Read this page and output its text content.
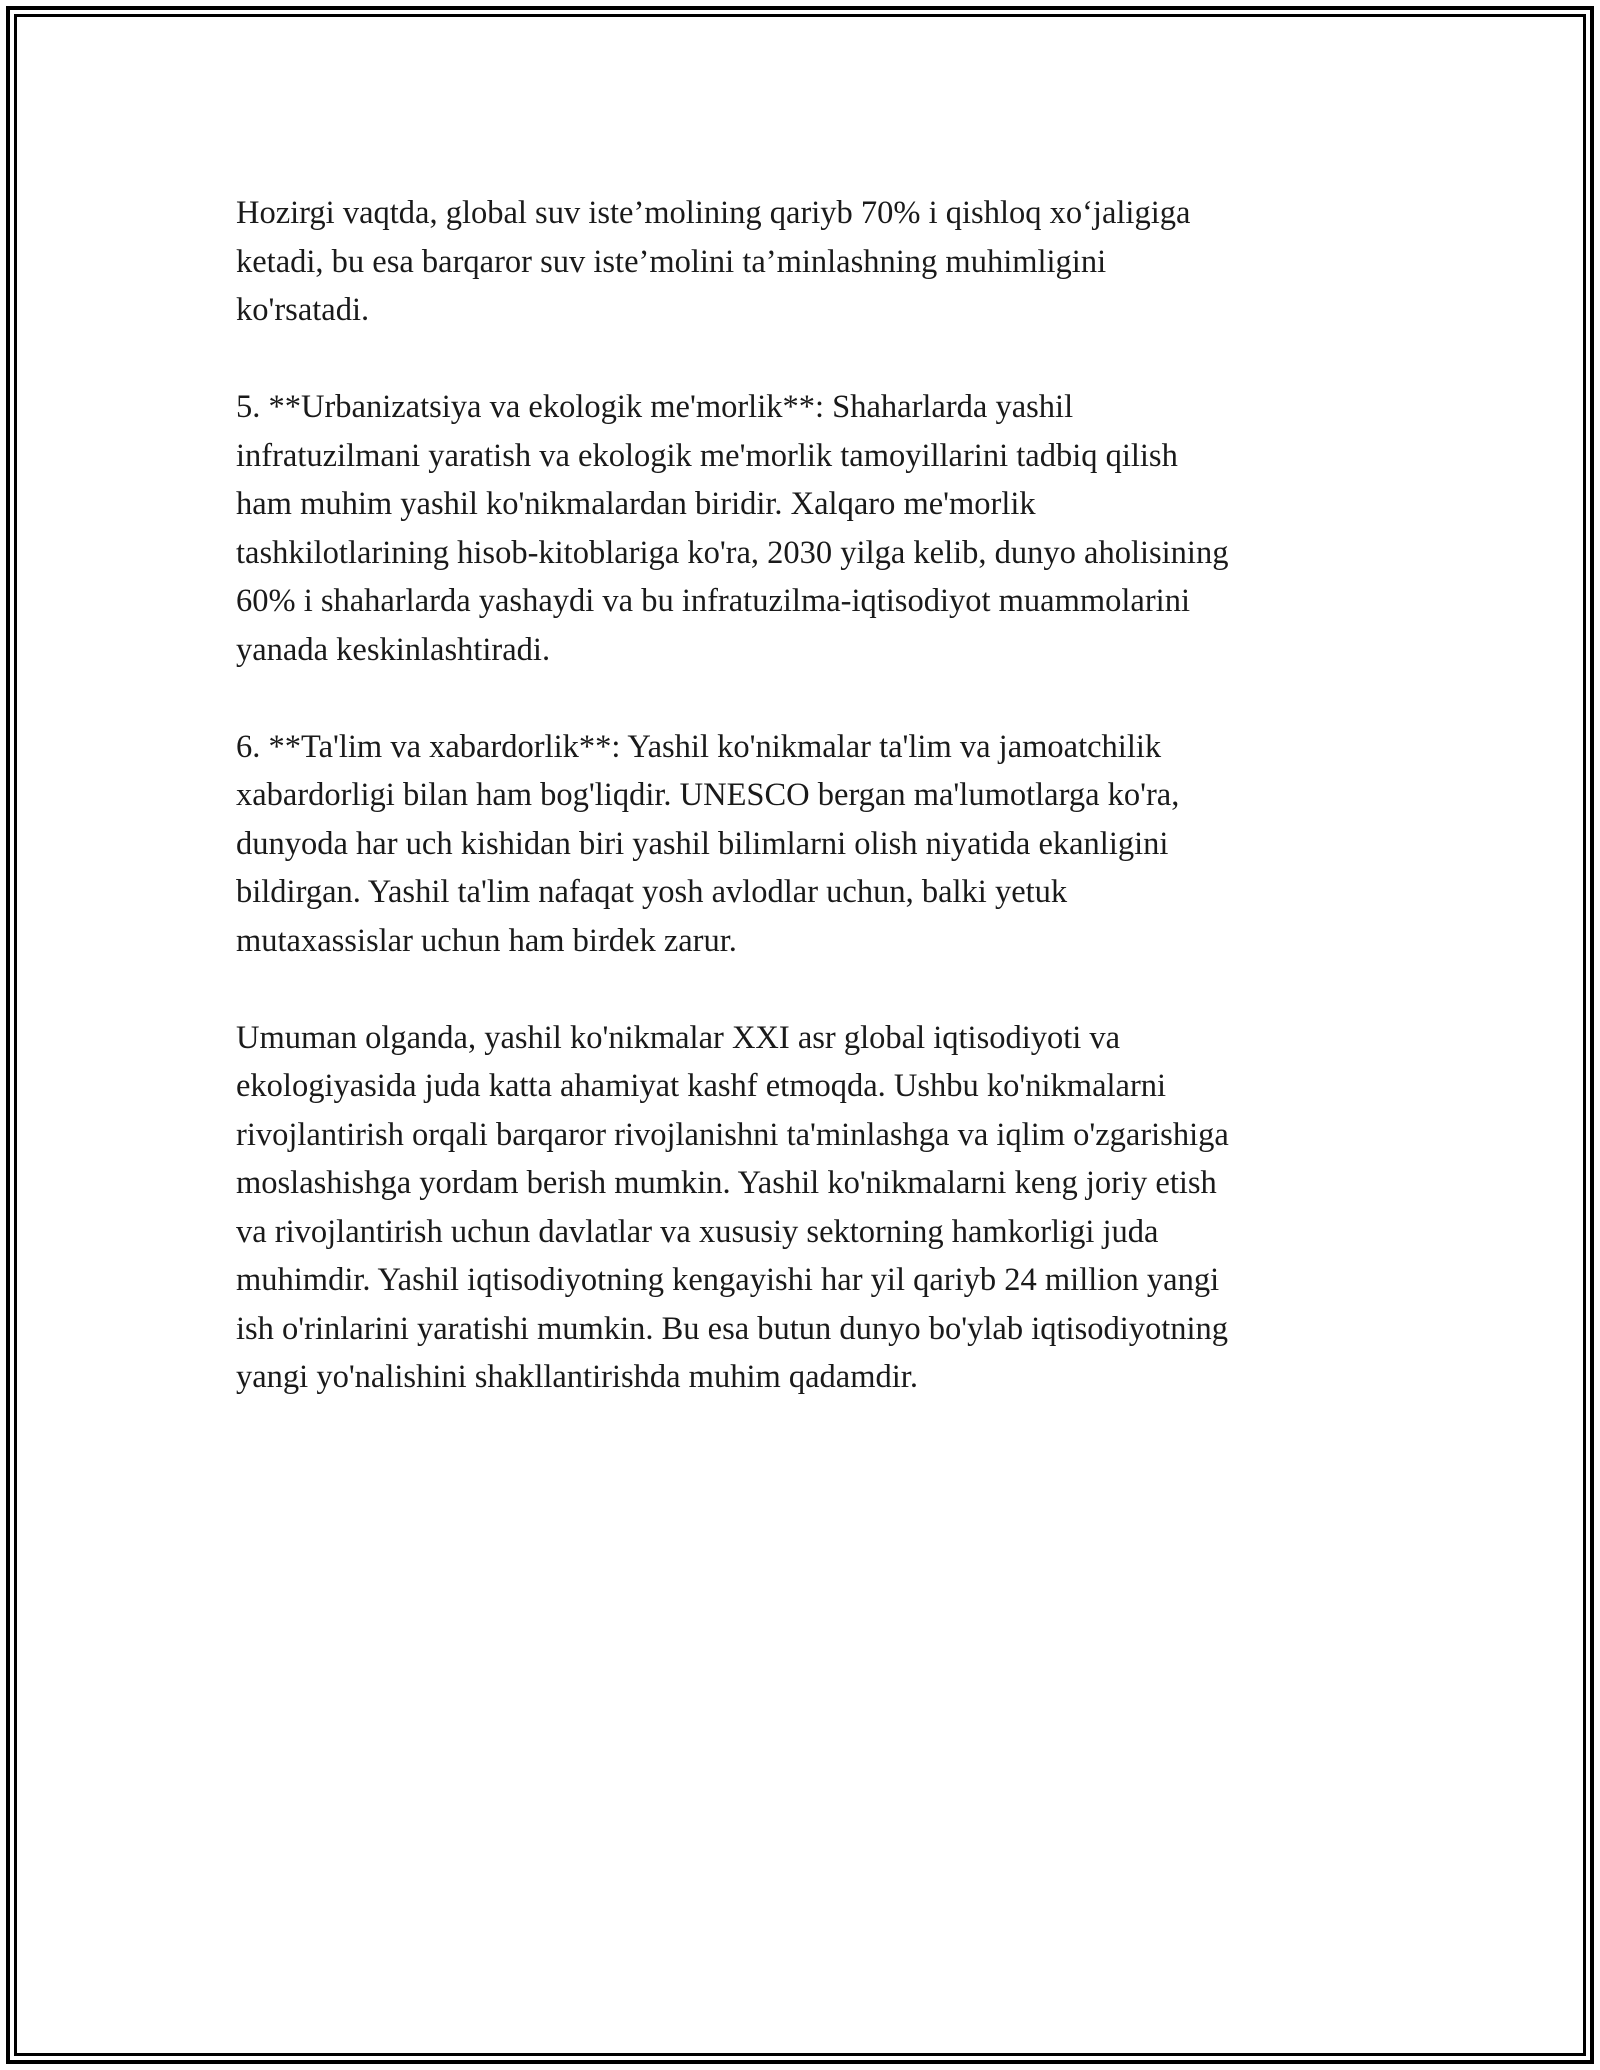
Hozirgi vaqtda, global suv iste’molining qariyb 70% i qishloq xo‘jaligiga
ketadi, bu esa barqaror suv iste’molini ta’minlashning muhimligini
ko'rsatadi.

5. **Urbanizatsiya va ekologik me'morlik**: Shaharlarda yashil
infratuzilmani yaratish va ekologik me'morlik tamoyillarini tadbiq qilish
ham muhim yashil ko'nikmalardan biridir. Xalqaro me'morlik
tashkilotlarining hisob-kitoblariga ko'ra, 2030 yilga kelib, dunyo aholisining
60% i shaharlarda yashaydi va bu infratuzilma-iqtisodiyot muammolarini
yanada keskinlashtiradi.

6. **Ta'lim va xabardorlik**: Yashil ko'nikmalar ta'lim va jamoatchilik
xabardorligi bilan ham bog'liqdir. UNESCO bergan ma'lumotlarga ko'ra,
dunyoda har uch kishidan biri yashil bilimlarni olish niyatida ekanligini
bildirgan. Yashil ta'lim nafaqat yosh avlodlar uchun, balki yetuk
mutaxassislar uchun ham birdek zarur.

Umuman olganda, yashil ko'nikmalar XXI asr global iqtisodiyoti va
ekologiyasida juda katta ahamiyat kashf etmoqda. Ushbu ko'nikmalarni
rivojlantirish orqali barqaror rivojlanishni ta'minlashga va iqlim o'zgarishiga
moslashishga yordam berish mumkin. Yashil ko'nikmalarni keng joriy etish
va rivojlantirish uchun davlatlar va xususiy sektorning hamkorligi juda
muhimdir. Yashil iqtisodiyotning kengayishi har yil qariyb 24 million yangi
ish o'rinlarini yaratishi mumkin. Bu esa butun dunyo bo'ylab iqtisodiyotning
yangi yo'nalishini shakllantirishda muhim qadamdir.
